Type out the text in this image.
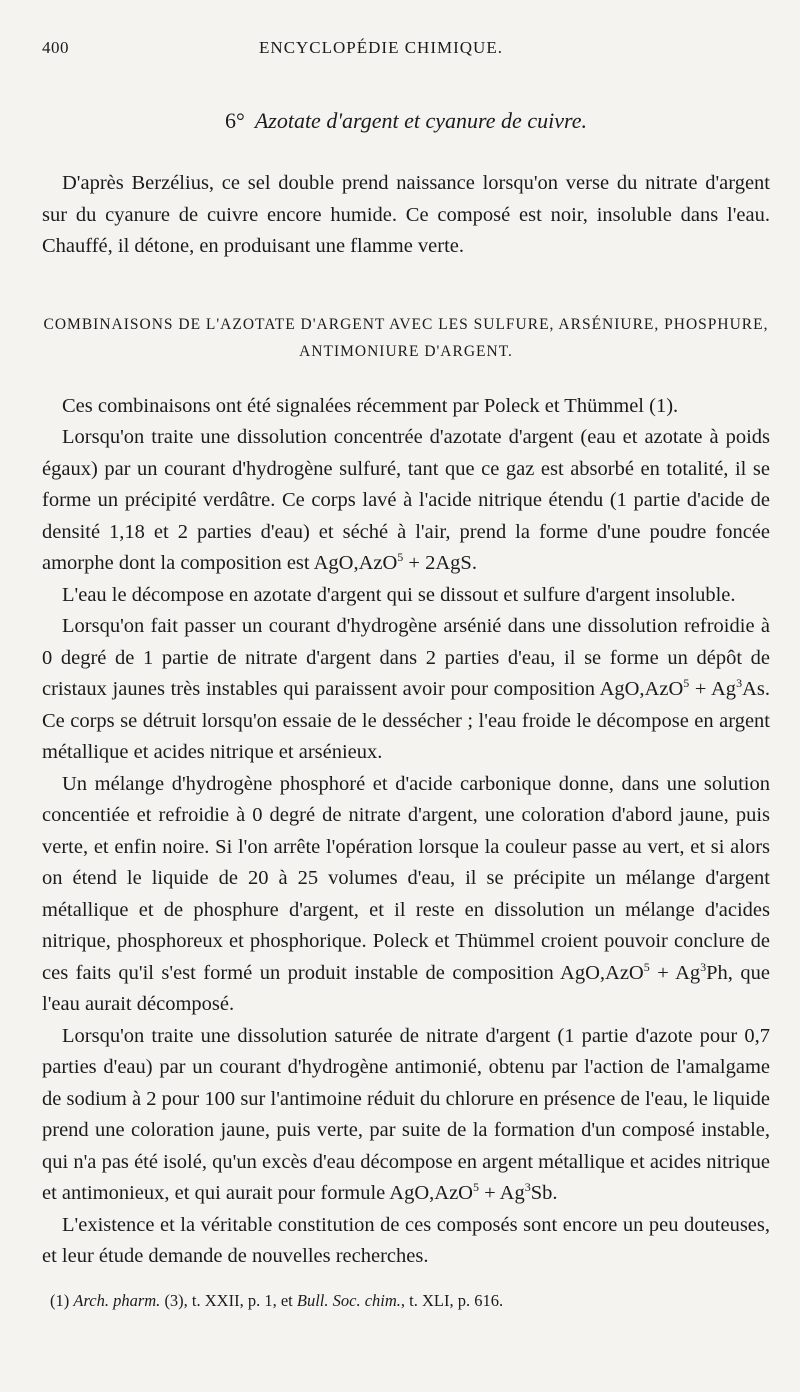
400	ENCYCLOPÉDIE CHIMIQUE.
6° Azotate d'argent et cyanure de cuivre.

D'après Berzélius, ce sel double prend naissance lorsqu'on verse du nitrate d'argent sur du cyanure de cuivre encore humide. Ce composé est noir, insoluble dans l'eau. Chauffé, il détone, en produisant une flamme verte.

COMBINAISONS DE L'AZOTATE D'ARGENT AVEC LES SULFURE, ARSÉNIURE, PHOSPHURE,
ANTIMONIURE D'ARGENT.

Ces combinaisons ont été signalées récemment par Poleck et Thümmel (1).

Lorsqu'on traite une dissolution concentrée d'azotate d'argent (eau et azotate à poids égaux) par un courant d'hydrogène sulfuré, tant que ce gaz est absorbé en totalité, il se forme un précipité verdâtre. Ce corps lavé à l'acide nitrique étendu (1 partie d'acide de densité 1,18 et 2 parties d'eau) et séché à l'air, prend la forme d'une poudre foncée amorphe dont la composition est AgO,AzO$^5$ + 2AgS.

L'eau le décompose en azotate d'argent qui se dissout et sulfure d'argent insoluble.

Lorsqu'on fait passer un courant d'hydrogène arsénié dans une dissolution refroidie à 0 degré de 1 partie de nitrate d'argent dans 2 parties d'eau, il se forme un dépôt de cristaux jaunes très instables qui paraissent avoir pour composition $AgO,AzO^5 + Ag^3As$. Ce corps se détruit lorsqu'on essaie de le dessécher ; l'eau froide le décompose en argent métallique et acides nitrique et arsénieux.

Un mélange d'hydrogène phosphoré et d'acide carbonique donne, dans une solution concentiée et refroidie à 0 degré de nitrate d'argent, une coloration d'abord jaune, puis verte, et enfin noire. Si l'on arrête l'opération lorsque la couleur passe au vert, et si alors on étend le liquide de 20 à 25 volumes d'eau, il se précipite un mélange d'argent métallique et de phosphure d'argent, et il reste en dissolution un mélange d'acides nitrique, phosphoreux et phosphorique. Poleck et Thümmel croient pouvoir conclure de ces faits qu'il s'est formé un produit instable de composition $AgO,AzO^5 + Ag^3Ph$, que l'eau aurait décomposé.

Lorsqu'on traite une dissolution saturée de nitrate d'argent (1 partie d'azote pour 0,7 parties d'eau) par un courant d'hydrogène antimonié, obtenu par l'action de l'amalgame de sodium à 2 pour 100 sur l'antimoine réduit du chlorure en présence de l'eau, le liquide prend une coloration jaune, puis verte, par suite de la formation d'un composé instable, qui n'a pas été isolé, qu'un excès d'eau décompose en argent métallique et acides nitrique et antimonieux, et qui aurait pour formule $AgO,AzO^5 + Ag^3Sb$.

L'existence et la véritable constitution de ces composés sont encore un peu douteuses, et leur étude demande de nouvelles recherches.

(1) Arch. pharm. (3), t. XXII, p. 1, et Bull. Soc. chim., t. XLI, p. 616.
